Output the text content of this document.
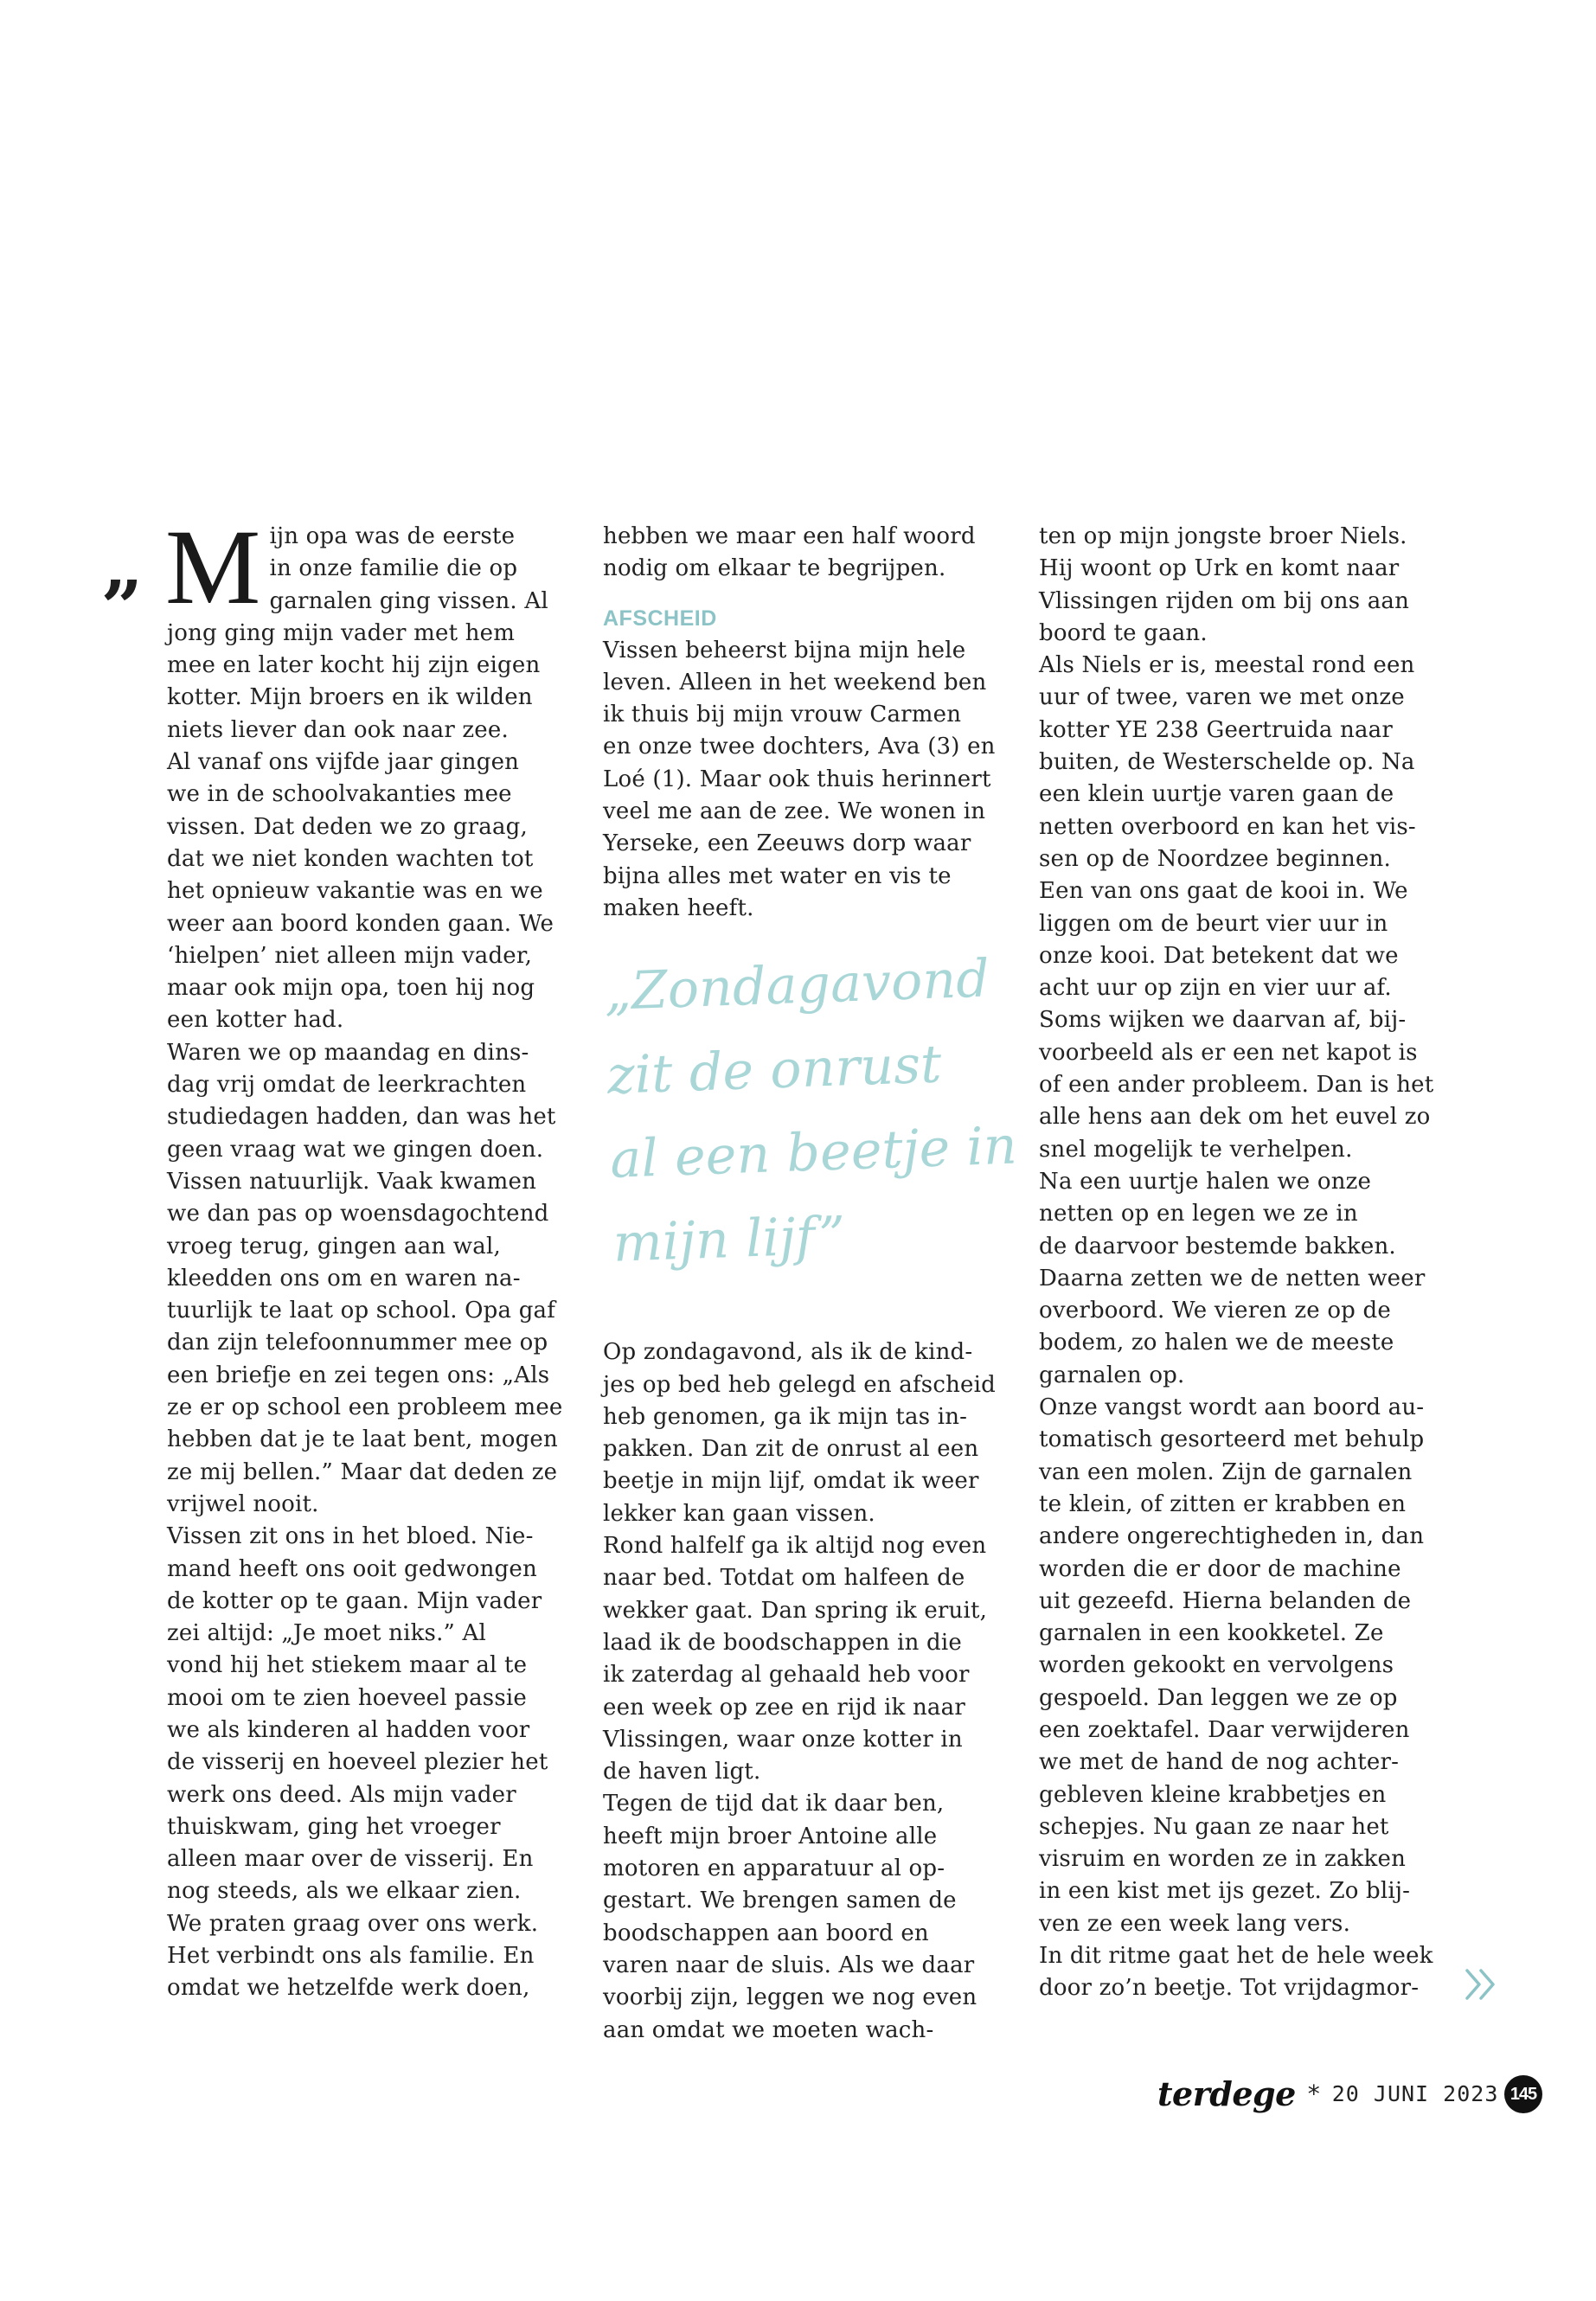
„ Mijn opa was de eerste
in onze familie die op
garnalen ging vissen. Al
jong ging mijn vader met hem
mee en later kocht hij zijn eigen
kotter. Mijn broers en ik wilden
niets liever dan ook naar zee.

Al vanaf ons vijfde jaar gingen
we in de schoolvakanties mee
vissen. Dat deden we zo graag,
dat we niet konden wachten tot
het opnieuw vakantie was en we
weer aan boord konden gaan. We
‘hielpen’ niet alleen mijn vader,
maar ook mijn opa, toen hij nog
een kotter had.

Waren we op maandag en dins-
dag vrij omdat de leerkrachten
studiedagen hadden, dan was het
geen vraag wat we gingen doen.
Vissen natuurlijk. Vaak kwamen
we dan pas op woensdagochtend
vroeg terug, gingen aan wal,
kleedden ons om en waren na-
tuurlijk te laat op school. Opa gaf
dan zijn telefoonnummer mee op
een briefje en zei tegen ons: „Als
ze er op school een probleem mee
hebben dat je te laat bent, mogen
ze mij bellen.” Maar dat deden ze
vrijwel nooit.

Vissen zit ons in het bloed. Nie-
mand heeft ons ooit gedwongen
de kotter op te gaan. Mijn vader
zei altijd: „Je moet niks.” Al
vond hij het stiekem maar al te
mooi om te zien hoeveel passie
we als kinderen al hadden voor
de visserij en hoeveel plezier het
werk ons deed. Als mijn vader
thuiskwam, ging het vroeger
alleen maar over de visserij. En
nog steeds, als we elkaar zien.
We praten graag over ons werk.
Het verbindt ons als familie. En
omdat we hetzelfde werk doen,

hebben we maar een half woord
nodig om elkaar te begrijpen.

AFSCHEID

Vissen beheerst bijna mijn hele
leven. Alleen in het weekend ben
ik thuis bij mijn vrouw Carmen
en onze twee dochters, Ava (3) en
Loé (1). Maar ook thuis herinnert
veel me aan de zee. We wonen in
Yerseke, een Zeeuws dorp waar
bijna alles met water en vis te
maken heeft.

„Zondagavond
zit de onrust
al een beetje in
mijn lijf”

Op zondagavond, als ik de kind-
jes op bed heb gelegd en afscheid
heb genomen, ga ik mijn tas in-
pakken. Dan zit de onrust al een
beetje in mijn lijf, omdat ik weer
lekker kan gaan vissen.

Rond halfelf ga ik altijd nog even
naar bed. Totdat om halfeen de
wekker gaat. Dan spring ik eruit,
laad ik de boodschappen in die
ik zaterdag al gehaald heb voor
een week op zee en rijd ik naar
Vlissingen, waar onze kotter in
de haven ligt.

Tegen de tijd dat ik daar ben,
heeft mijn broer Antoine alle
motoren en apparatuur al op-
gestart. We brengen samen de
boodschappen aan boord en
varen naar de sluis. Als we daar
voorbij zijn, leggen we nog even
aan omdat we moeten wach-

ten op mijn jongste broer Niels.
Hij woont op Urk en komt naar
Vlissingen rijden om bij ons aan
boord te gaan.

Als Niels er is, meestal rond een
uur of twee, varen we met onze
kotter YE 238 Geertruida naar
buiten, de Westerschelde op. Na
een klein uurtje varen gaan de
netten overboord en kan het vis-
sen op de Noordzee beginnen.
Een van ons gaat de kooi in. We
liggen om de beurt vier uur in
onze kooi. Dat betekent dat we
acht uur op zijn en vier uur af.
Soms wijken we daarvan af, bij-
voorbeeld als er een net kapot is
of een ander probleem. Dan is het
alle hens aan dek om het euvel zo
snel mogelijk te verhelpen.

Na een uurtje halen we onze
netten op en legen we ze in
de daarvoor bestemde bakken.
Daarna zetten we de netten weer
overboord. We vieren ze op de
bodem, zo halen we de meeste
garnalen op.

Onze vangst wordt aan boord au-
tomatisch gesorteerd met behulp
van een molen. Zijn de garnalen
te klein, of zitten er krabben en
andere ongerechtigheden in, dan
worden die er door de machine
uit gezeefd. Hierna belanden de
garnalen in een kookketel. Ze
worden gekookt en vervolgens
gespoeld. Dan leggen we ze op
een zoektafel. Daar verwijderen
we met de hand de nog achter-
gebleven kleine krabbetjes en
schepjes. Nu gaan ze naar het
visruim en worden ze in zakken
in een kist met ijs gezet. Zo blij-
ven ze een week lang vers.

In dit ritme gaat het de hele week
door zo’n beetje. Tot vrijdagmor-

terdege * 20 JUNI 2023 145
